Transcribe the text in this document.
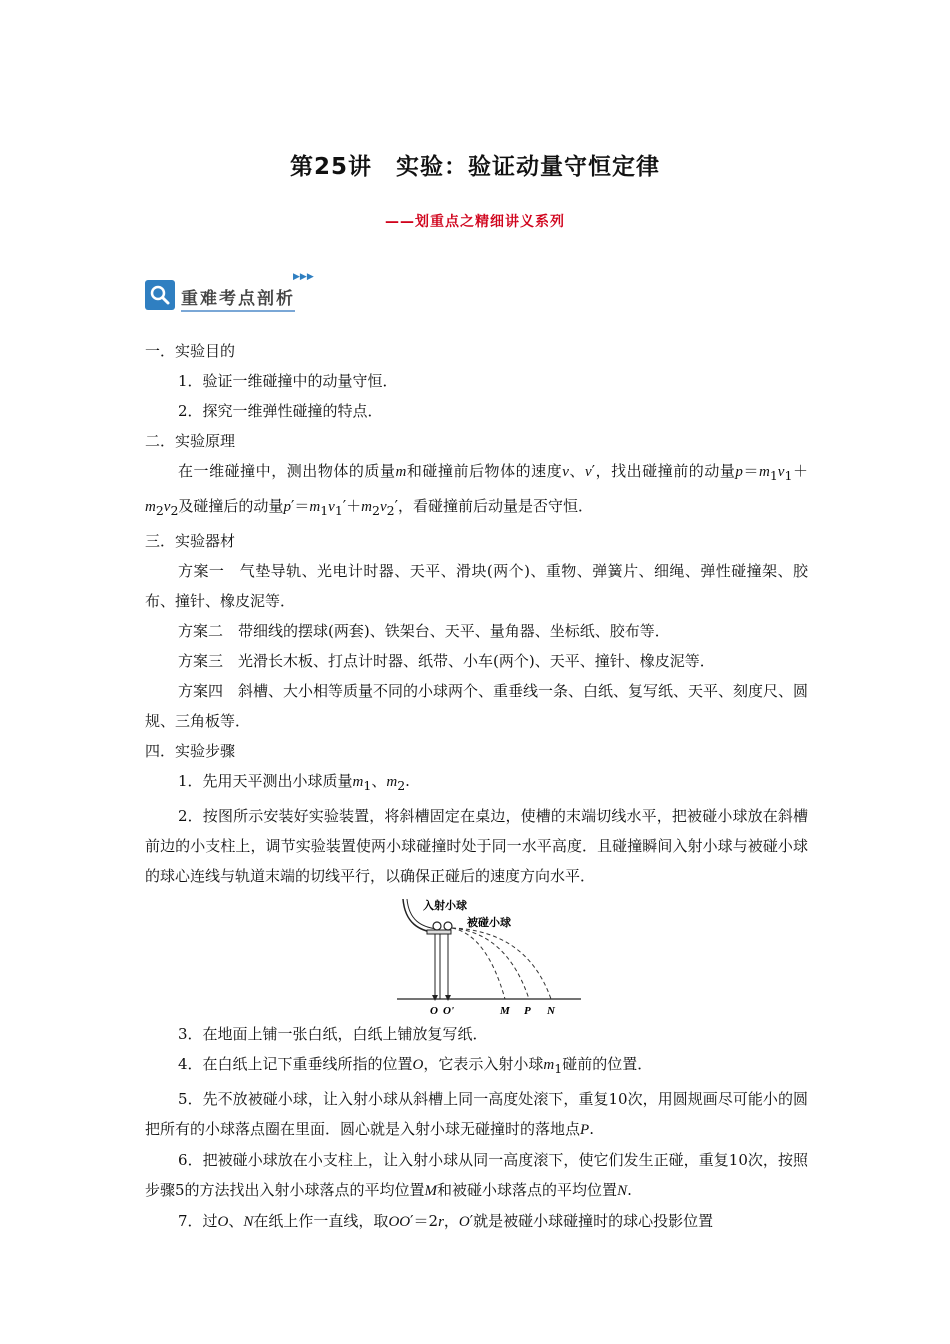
第25讲　实验：验证动量守恒定律
——划重点之精细讲义系列
▶▶▶
重难考点剖析

一．实验目的

1．验证一维碰撞中的动量守恒．

2．探究一维弹性碰撞的特点．

二．实验原理

在一维碰撞中，测出物体的质量m和碰撞前后物体的速度v、v′，找出碰撞前的动量$p=m_1v_1+m_2v_2$及碰撞后的动量$p'=m_1v_1'+m_2v_2'$，看碰撞前后动量是否守恒．

三．实验器材

方案一　气垫导轨、光电计时器、天平、滑块(两个)、重物、弹簧片、细绳、弹性碰撞架、胶布、撞针、橡皮泥等．

方案二　带细线的摆球(两套)、铁架台、天平、量角器、坐标纸、胶布等．

方案三　光滑长木板、打点计时器、纸带、小车(两个)、天平、撞针、橡皮泥等．

方案四　斜槽、大小相等质量不同的小球两个、重垂线一条、白纸、复写纸、天平、刻度尺、圆规、三角板等．

四．实验步骤

1．先用天平测出小球质量$m_1$、$m_2$.

2．按图所示安装好实验装置，将斜槽固定在桌边，使槽的末端切线水平，把被碰小球放在斜槽前边的小支柱上，调节实验装置使两小球碰撞时处于同一水平高度．且碰撞瞬间入射小球与被碰小球的球心连线与轨道末端的切线平行，以确保正碰后的速度方向水平．

入射小球
被碰小球
O O'	M P N

3．在地面上铺一张白纸，白纸上铺放复写纸．

4．在白纸上记下重垂线所指的位置O，它表示入射小球$m_1$碰前的位置．

5．先不放被碰小球，让入射小球从斜槽上同一高度处滚下，重复10次，用圆规画尽可能小的圆把所有的小球落点圈在里面．圆心就是入射小球无碰撞时的落地点P.

6．把被碰小球放在小支柱上，让入射小球从同一高度滚下，使它们发生正碰，重复10次，按照步骤5的方法找出入射小球落点的平均位置M和被碰小球落点的平均位置N.

7．过O、N在纸上作一直线，取OO′＝2r，O′就是被碰小球碰撞时的球心投影位置
